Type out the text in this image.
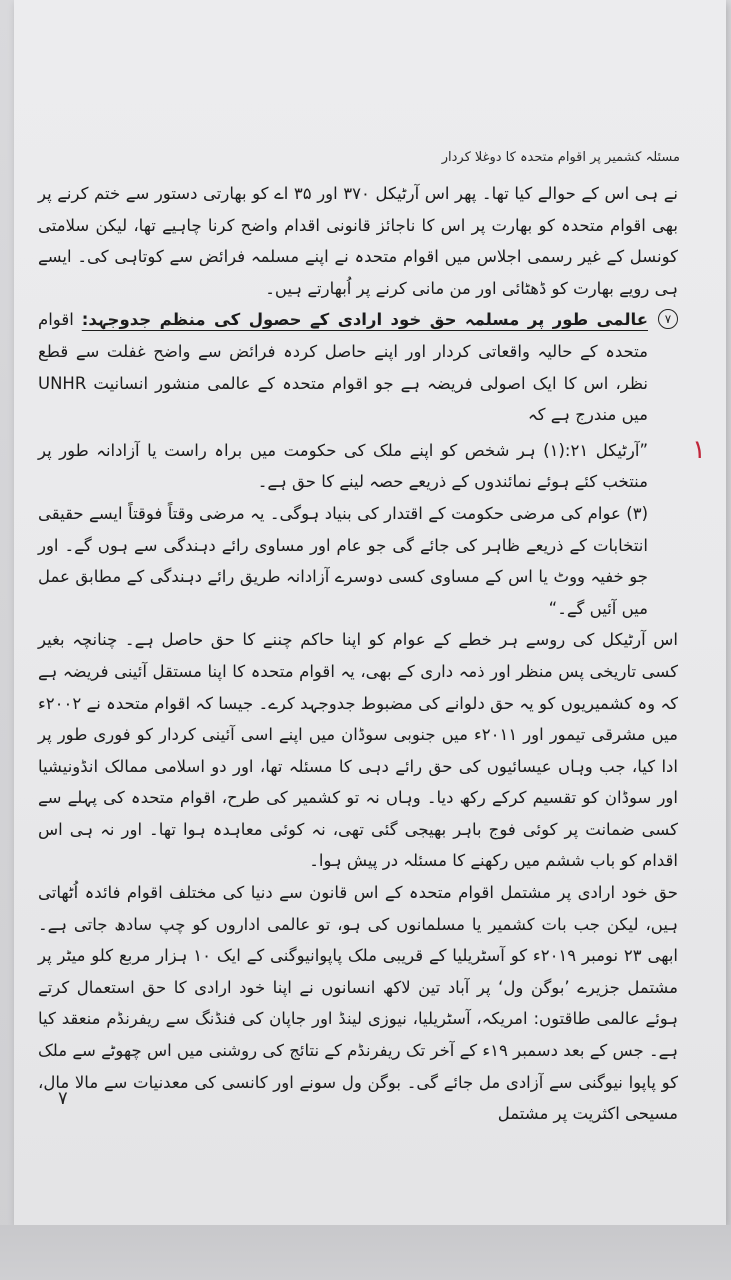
مسئلہ کشمیر پر اقوام متحدہ کا دوغلا کردار

نے ہی اس کے حوالے کیا تھا۔ پھر اس آرٹیکل ۳۷۰ اور ۳۵ اے کو بھارتی دستور سے ختم کرنے پر بھی اقوام متحدہ کو بھارت پر اس کا ناجائز قانونی اقدام واضح کرنا چاہیے تھا، لیکن سلامتی کونسل کے غیر رسمی اجلاس میں اقوام متحدہ نے اپنے مسلمہ فرائض سے کوتاہی کی۔ ایسے ہی رویے بھارت کو ڈھٹائی اور من مانی کرنے پر اُبھارتے ہیں۔

۷
عالمی طور پر مسلمہ حق خود ارادی کے حصول کی منظم جدوجہد: اقوام متحدہ کے حالیہ واقعاتی کردار اور اپنے حاصل کردہ فرائض سے واضح غفلت سے قطع نظر، اس کا ایک اصولی فریضہ ہے جو اقوام متحدہ کے عالمی منشور انسانیت UNHR میں مندرج ہے کہ

۱

”آرٹیکل ۲۱:(۱) ہر شخص کو اپنے ملک کی حکومت میں براہ راست یا آزادانہ طور پر منتخب کئے ہوئے نمائندوں کے ذریعے حصہ لینے کا حق ہے۔

(۳) عوام کی مرضی حکومت کے اقتدار کی بنیاد ہوگی۔ یہ مرضی وقتاً فوقتاً ایسے حقیقی انتخابات کے ذریعے ظاہر کی جائے گی جو عام اور مساوی رائے دہندگی سے ہوں گے۔ اور جو خفیہ ووٹ یا اس کے مساوی کسی دوسرے آزادانہ طریق رائے دہندگی کے مطابق عمل میں آئیں گے۔“

اس آرٹیکل کی روسے ہر خطے کے عوام کو اپنا حاکم چننے کا حق حاصل ہے۔ چنانچہ بغیر کسی تاریخی پس منظر اور ذمہ داری کے بھی، یہ اقوام متحدہ کا اپنا مستقل آئینی فریضہ ہے کہ وہ کشمیریوں کو یہ حق دلوانے کی مضبوط جدوجہد کرے۔ جیسا کہ اقوام متحدہ نے ۲۰۰۲ء میں مشرقی تیمور اور ۲۰۱۱ء میں جنوبی سوڈان میں اپنے اسی آئینی کردار کو فوری طور پر ادا کیا، جب وہاں عیسائیوں کی حق رائے دہی کا مسئلہ تھا، اور دو اسلامی ممالک انڈونیشیا اور سوڈان کو تقسیم کرکے رکھ دیا۔ وہاں نہ تو کشمیر کی طرح، اقوام متحدہ کی پہلے سے کسی ضمانت پر کوئی فوج باہر بھیجی گئی تھی، نہ کوئی معاہدہ ہوا تھا۔ اور نہ ہی اس اقدام کو باب ششم میں رکھنے کا مسئلہ در پیش ہوا۔

حق خود ارادی پر مشتمل اقوام متحدہ کے اس قانون سے دنیا کی مختلف اقوام فائدہ اُٹھاتی ہیں، لیکن جب بات کشمیر یا مسلمانوں کی ہو، تو عالمی اداروں کو چپ سادھ جاتی ہے۔ ابھی ۲۳ نومبر ۲۰۱۹ء کو آسٹریلیا کے قریبی ملک پاپوانیوگنی کے ایک ۱۰ ہزار مربع کلو میٹر پر مشتمل جزیرے ’بوگن ول‘ پر آباد تین لاکھ انسانوں نے اپنا خود ارادی کا حق استعمال کرتے ہوئے عالمی طاقتوں: امریکہ، آسٹریلیا، نیوزی لینڈ اور جاپان کی فنڈنگ سے ریفرنڈم منعقد کیا ہے۔ جس کے بعد دسمبر ۱۹ء کے آخر تک ریفرنڈم کے نتائج کی روشنی میں اس چھوٹے سے ملک کو پاپوا نیوگنی سے آزادی مل جائے گی۔ بوگن ول سونے اور کانسی کی معدنیات سے مالا مال، مسیحی اکثریت پر مشتمل

۷
